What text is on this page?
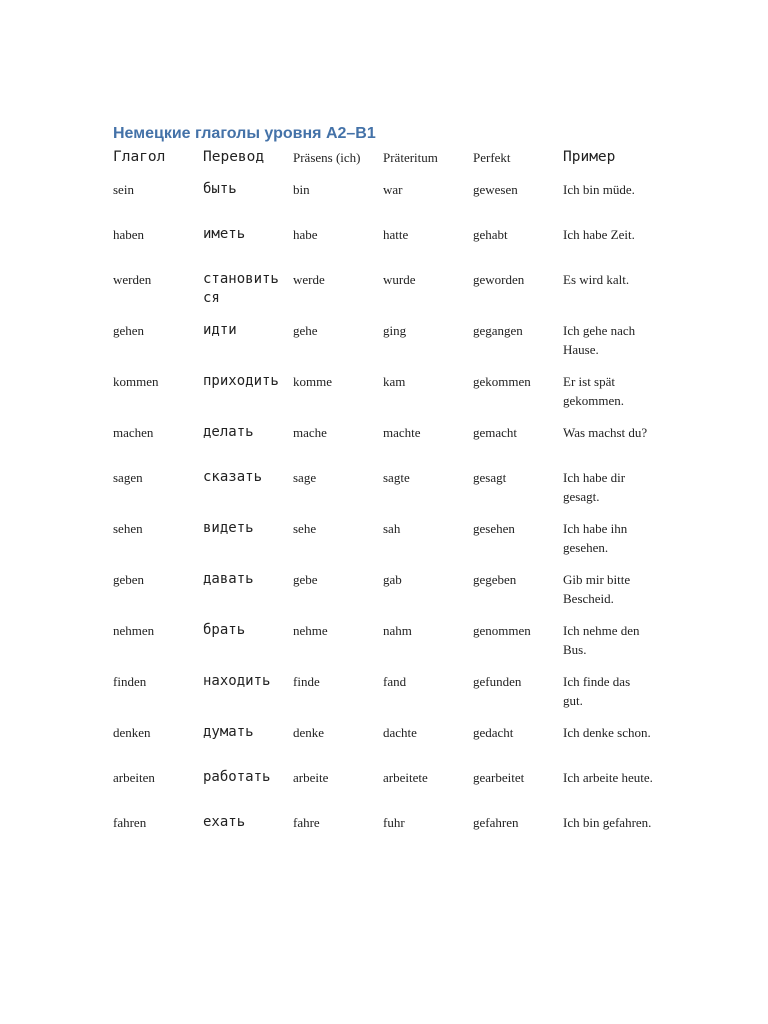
Немецкие глаголы уровня А2–В1
Глагол	Перевод	Präsens (ich)	Präteritum	Perfekt	Пример
sein	быть	bin	war	gewesen	Ich bin müde.
haben	иметь	habe	hatte	gehabt	Ich habe Zeit.
werden	становиться	werde	wurde	geworden	Es wird kalt.
gehen	идти	gehe	ging	gegangen	Ich gehe nach Hause.
kommen	приходить	komme	kam	gekommen	Er ist spät gekommen.
machen	делать	mache	machte	gemacht	Was machst du?
sagen	сказать	sage	sagte	gesagt	Ich habe dir gesagt.
sehen	видеть	sehe	sah	gesehen	Ich habe ihn gesehen.
geben	давать	gebe	gab	gegeben	Gib mir bitte Bescheid.
nehmen	брать	nehme	nahm	genommen	Ich nehme den Bus.
finden	находить	finde	fand	gefunden	Ich finde das gut.
denken	думать	denke	dachte	gedacht	Ich denke schon.
arbeiten	работать	arbeite	arbeitete	gearbeitet	Ich arbeite heute.
fahren	ехать	fahre	fuhr	gefahren	Ich bin gefahren.
